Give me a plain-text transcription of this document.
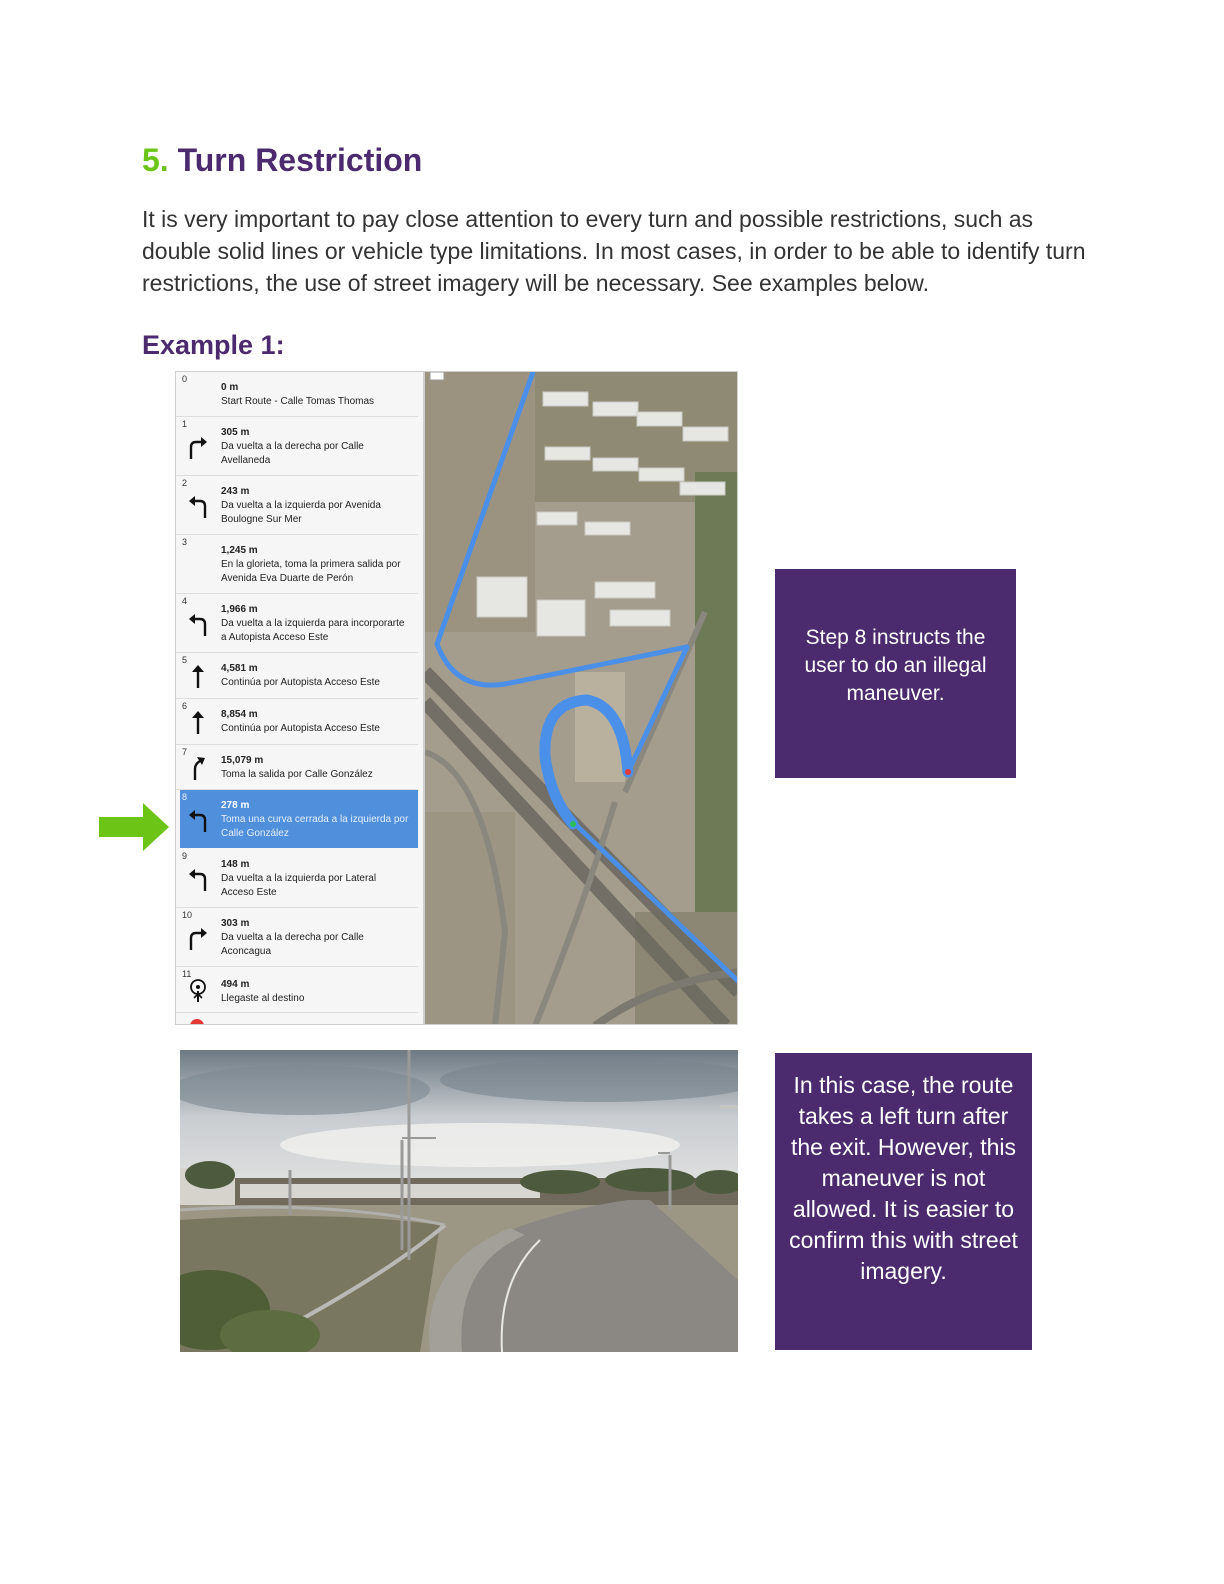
5. Turn Restriction

It is very important to pay close attention to every turn and possible restrictions, such as double solid lines or vehicle type limitations. In most cases, in order to be able to identify turn restrictions, the use of street imagery will be necessary. See examples below.

Example 1:
0
0 m
Start Route - Calle Tomas Thomas
1
305 m
Da vuelta a la derecha por Calle Avellaneda
2
243 m
Da vuelta a la izquierda por Avenida Boulogne Sur Mer
3
1,245 m
En la glorieta, toma la primera salida por Avenida Eva Duarte de Perón
4
1,966 m
Da vuelta a la izquierda para incorporarte a Autopista Acceso Este
5
4,581 m
Continúa por Autopista Acceso Este
6
8,854 m
Continúa por Autopista Acceso Este
7
15,079 m
Toma la salida por Calle González
8
278 m
Toma una curva cerrada a la izquierda por Calle González
9
148 m
Da vuelta a la izquierda por Lateral Acceso Este
10
303 m
Da vuelta a la derecha por Calle Aconcagua
11
494 m
Llegaste al destino
Step 8 instructs the user to do an illegal maneuver.
In this case, the route takes a left turn after the exit. However, this maneuver is not allowed. It is easier to confirm this with street imagery.
